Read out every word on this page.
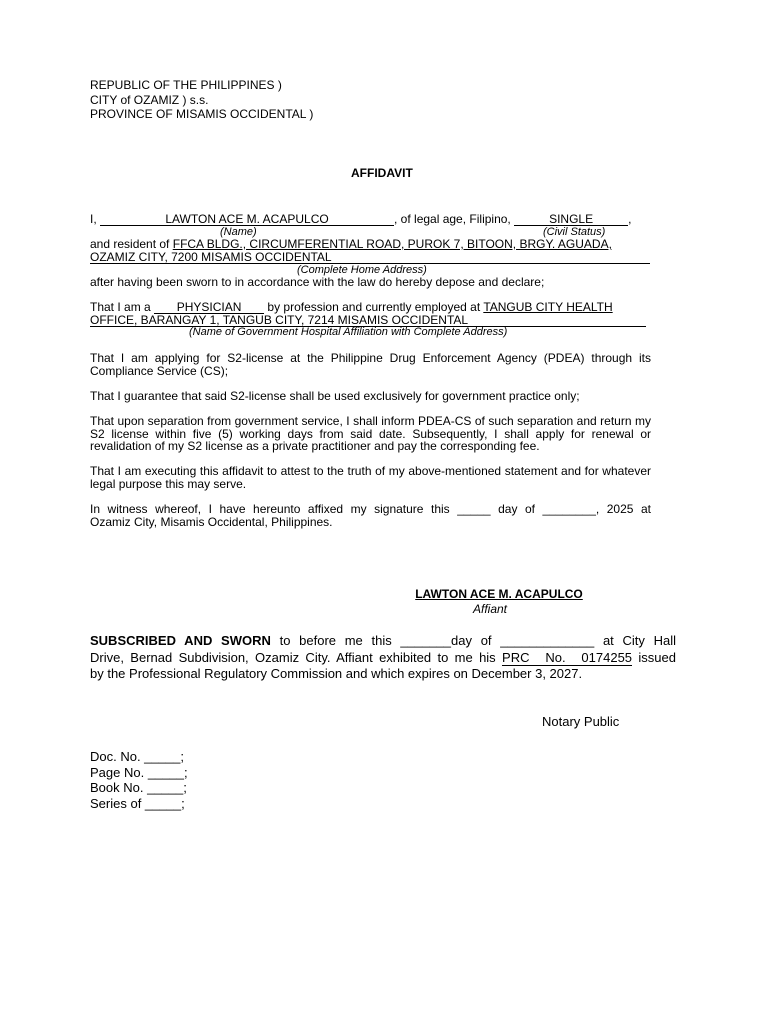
REPUBLIC OF THE PHILIPPINES )
CITY of OZAMIZ ) s.s.
PROVINCE OF MISAMIS OCCIDENTAL )
AFFIDAVIT
I,	LAWTON ACE M. ACAPULCO	, of legal age, Filipino,	SINGLE	,
(Name)	(Civil Status)
and resident of FFCA BLDG., CIRCUMFERENTIAL ROAD, PUROK 7, BITOON, BRGY. AGUADA,
OZAMIZ CITY, 7200 MISAMIS OCCIDENTAL
(Complete Home Address)
after having been sworn to in accordance with the law do hereby depose and declare;
That I am a PHYSICIAN by profession and currently employed at TANGUB CITY HEALTH
OFFICE, BARANGAY 1, TANGUB CITY, 7214 MISAMIS OCCIDENTAL
(Name of Government Hospital Affiliation with Complete Address)
That I am applying for S2-license at the Philippine Drug Enforcement Agency (PDEA) through its Compliance Service (CS);
That I guarantee that said S2-license shall be used exclusively for government practice only;
That upon separation from government service, I shall inform PDEA-CS of such separation and return my S2 license within five (5) working days from said date. Subsequently, I shall apply for renewal or revalidation of my S2 license as a private practitioner and pay the corresponding fee.
That I am executing this affidavit to attest to the truth of my above-mentioned statement and for whatever legal purpose this may serve.
In witness whereof, I have hereunto affixed my signature this _____ day of ________, 2025 at
Ozamiz City, Misamis Occidental, Philippines.
LAWTON ACE M. ACAPULCO
Affiant
SUBSCRIBED AND SWORN to before me this _______day of _____________ at City Hall
Drive, Bernad Subdivision, Ozamiz City. Affiant exhibited to me his PRC No. 0174255 issued
by the Professional Regulatory Commission and which expires on December 3, 2027.
Notary Public
Doc. No. _____;
Page No. _____;
Book No. _____;
Series of _____;
